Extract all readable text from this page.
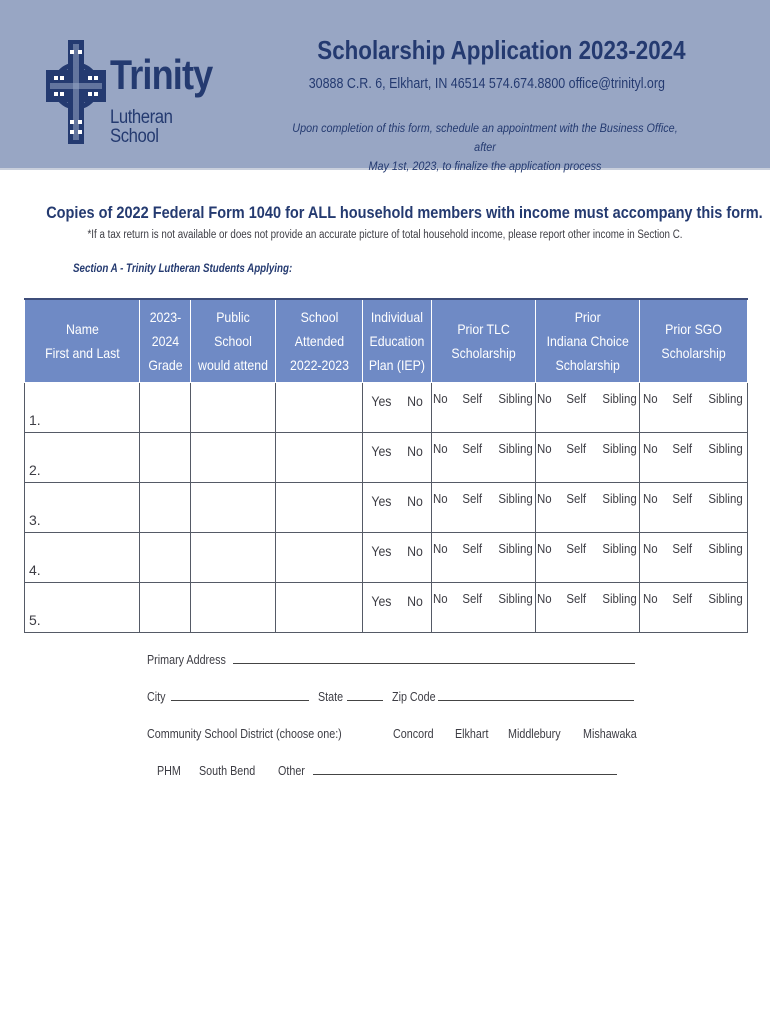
Trinity
Lutheran School
Scholarship Application 2023-2024
30888 C.R. 6, Elkhart, IN 46514 574.674.8800 office@trinityl.org
Upon completion of this form, schedule an appointment with the Business Office, after
May 1st, 2023, to finalize the application process
Copies of 2022 Federal Form 1040 for ALL household members with income must accompany this form.
*If a tax return is not available or does not provide an accurate picture of total household income, please report other income in Section C.
Section A - Trinity Lutheran Students Applying:
Name
First and Last	2023-
2024
Grade	Public School
would attend	School
Attended
2022-2023	Individual
Education
Plan (IEP)	Prior TLC
Scholarship	Prior
Indiana Choice
Scholarship	Prior SGO
Scholarship

1.				Yes No	No Self Sibling	No Self Sibling	No Self Sibling

2.				Yes No	No Self Sibling	No Self Sibling	No Self Sibling

3.				Yes No	No Self Sibling	No Self Sibling	No Self Sibling

4.				Yes No	No Self Sibling	No Self Sibling	No Self Sibling

5.				Yes No	No Self Sibling	No Self Sibling	No Self Sibling
Primary Address
City	State	Zip Code
Community School District (choose one:)	Concord Elkhart Middlebury Mishawaka
PHM South Bend Other
